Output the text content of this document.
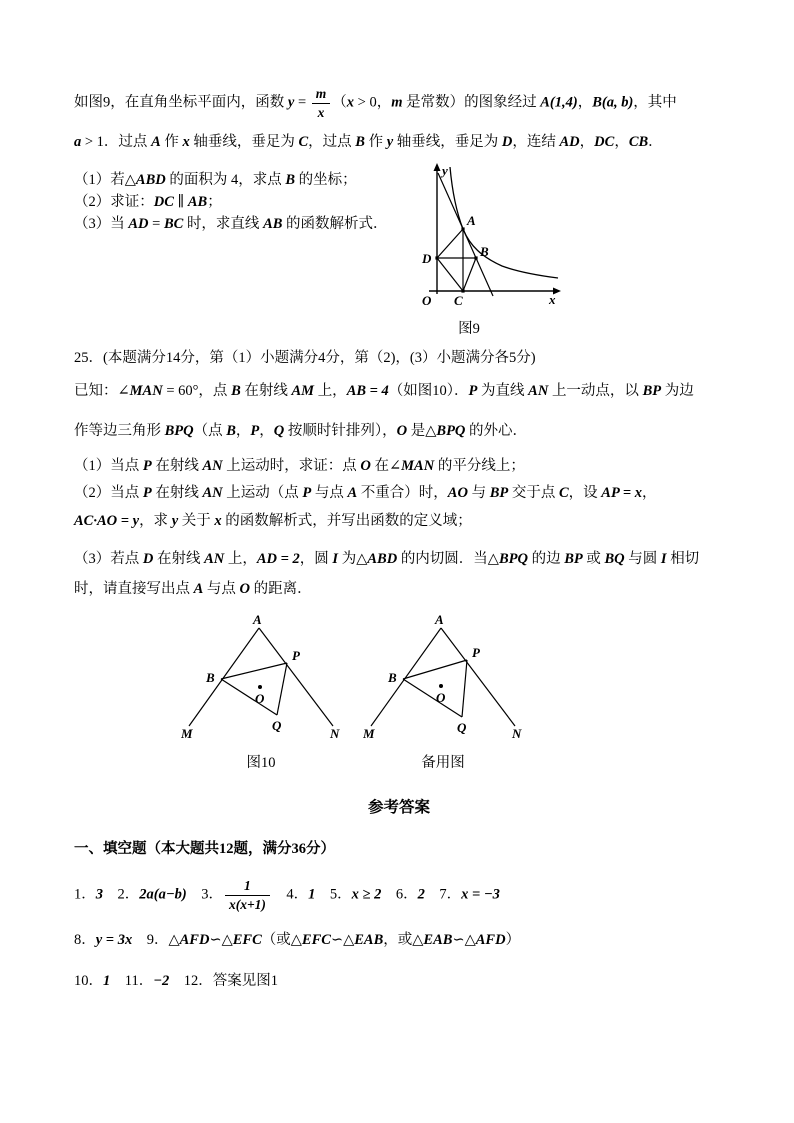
如图9，在直角坐标平面内，函数 $y = \frac{m}{x} (x > 0$，m 是常数）的图象经过 A(1,4)，B(a, b)，其中

a > 1．过点 A 作 x 轴垂线，垂足为 C，过点 B 作 y 轴垂线，垂足为 D，连结 AD，DC，CB．

（1）若△ABD 的面积为 4，求点 B 的坐标；

（2）求证：DC ∥ AB；

（3）当 AD = BC 时，求直线 AB 的函数解析式．

y
x
O
A
B
D
C

图9

25．(本题满分14分，第（1）小题满分4分，第（2)，(3）小题满分各5分)

已知：∠MAN = 60°，点 B 在射线 AM 上，AB = 4（如图10）．P 为直线 AN 上一动点，以 BP 为边

作等边三角形 BPQ（点 B，P，Q 按顺时针排列），O 是△BPQ 的外心．

（1）当点 P 在射线 AN 上运动时，求证：点 O 在∠MAN 的平分线上；

（2）当点 P 在射线 AN 上运动（点 P 与点 A 不重合）时，AO 与 BP 交于点 C，设 AP = x，

AC·AO = y，求 y 关于 x 的函数解析式，并写出函数的定义域；

（3）若点 D 在射线 AN 上，AD = 2，圆 I 为△ABD 的内切圆．当△BPQ 的边 BP 或 BQ 与圆 I 相切

时，请直接写出点 A 与点 O 的距离．

A
B
M
P
Q
N
O

图10

A
B
M
P
Q	N
O

备用图

参考答案

一、填空题（本大题共12题，满分36分）

1．3    2．2a(a−b)    3． $\frac{1}{x(x+1)} 4$．1    5．x ≥ 2    6．2    7．x = −3

8．y = 3x    9．△AFD∽△EFC（或△EFC∽△EAB，或△EAB∽△AFD）

10．1    11．−2    12．答案见图1
